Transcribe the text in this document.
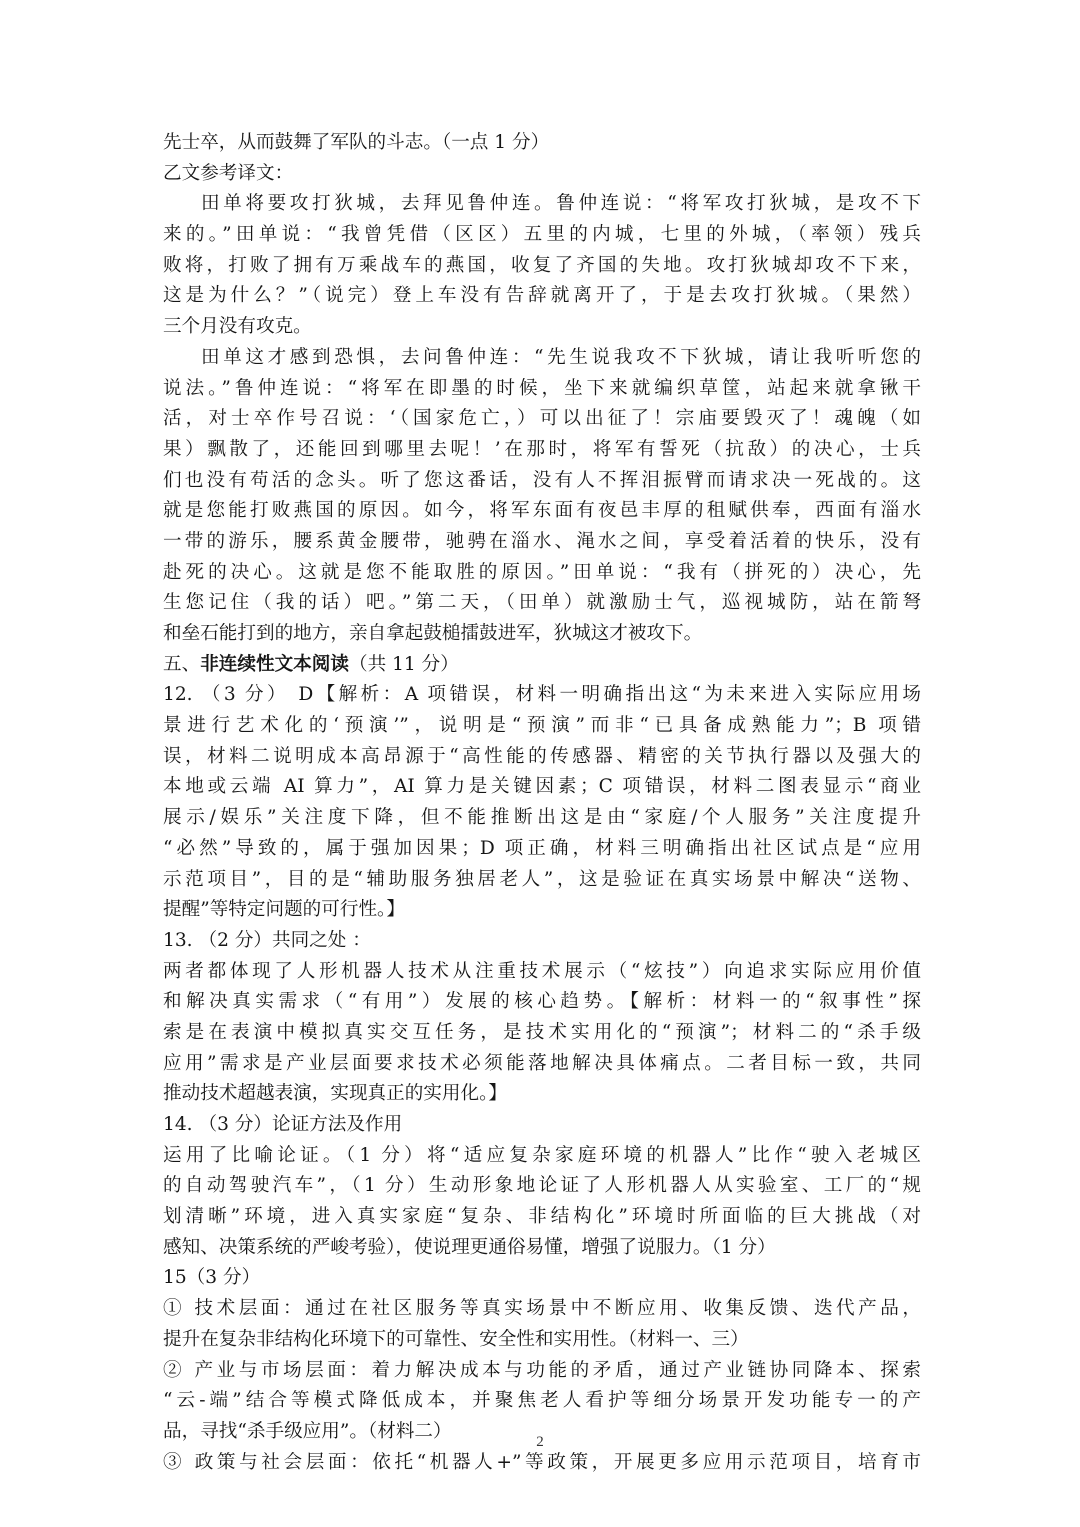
先士卒，从而鼓舞了军队的斗志。（一点 1 分）
乙文参考译文：
田单将要攻打狄城，去拜见鲁仲连。鲁仲连说：“将军攻打狄城，是攻不下
来的。”田单说：“我曾凭借（区区）五里的内城，七里的外城，（率领）残兵
败将，打败了拥有万乘战车的燕国，收复了齐国的失地。攻打狄城却攻不下来，
这是为什么？”（说完）登上车没有告辞就离开了，于是去攻打狄城。（果然）
三个月没有攻克。
田单这才感到恐惧，去问鲁仲连：“先生说我攻不下狄城，请让我听听您的
说法。”鲁仲连说：“将军在即墨的时候，坐下来就编织草筐，站起来就拿锹干
活，对士卒作号召说：‘（国家危亡，）可以出征了！宗庙要毁灭了！魂魄（如
果）飘散了，还能回到哪里去呢！’在那时，将军有誓死（抗敌）的决心，士兵
们也没有苟活的念头。听了您这番话，没有人不挥泪振臂而请求决一死战的。这
就是您能打败燕国的原因。如今，将军东面有夜邑丰厚的租赋供奉，西面有淄水
一带的游乐，腰系黄金腰带，驰骋在淄水、渑水之间，享受着活着的快乐，没有
赴死的决心。这就是您不能取胜的原因。”田单说：“我有（拼死的）决心，先
生您记住（我的话）吧。”第二天，（田单）就激励士气，巡视城防，站在箭弩
和垒石能打到的地方，亲自拿起鼓槌擂鼓进军，狄城这才被攻下。
五、非连续性文本阅读（共 11 分）
12. （3 分） D【解析：A 项错误，材料一明确指出这“为未来进入实际应用场
景进行艺术化的‘预演’”，说明是“预演”而非“已具备成熟能力”；B 项错
误，材料二说明成本高昂源于“高性能的传感器、精密的关节执行器以及强大的
本地或云端 AI 算力”，AI 算力是关键因素；C 项错误，材料二图表显示“商业
展示/娱乐”关注度下降，但不能推断出这是由“家庭/个人服务”关注度提升
“必然”导致的，属于强加因果；D 项正确，材料三明确指出社区试点是“应用
示范项目”，目的是“辅助服务独居老人”，这是验证在真实场景中解决“送物、
提醒”等特定问题的可行性。】
13. （2 分）共同之处 ：
两者都体现了人形机器人技术从注重技术展示（“炫技”）向追求实际应用价值
和解决真实需求（“有用”）发展的核心趋势。【解析：材料一的“叙事性”探
索是在表演中模拟真实交互任务，是技术实用化的“预演”；材料二的“杀手级
应用”需求是产业层面要求技术必须能落地解决具体痛点。二者目标一致，共同
推动技术超越表演，实现真正的实用化。】
14. （3 分）论证方法及作用
运用了比喻论证。（1 分）将“适应复杂家庭环境的机器人”比作“驶入老城区
的自动驾驶汽车”，（1 分）生动形象地论证了人形机器人从实验室、工厂的“规
划清晰”环境，进入真实家庭“复杂、非结构化”环境时所面临的巨大挑战（对
感知、决策系统的严峻考验），使说理更通俗易懂，增强了说服力。（1 分）
15（3 分）
① 技术层面：通过在社区服务等真实场景中不断应用、收集反馈、迭代产品，
提升在复杂非结构化环境下的可靠性、安全性和实用性。（材料一、三）
② 产业与市场层面：着力解决成本与功能的矛盾，通过产业链协同降本、探索
“云-端”结合等模式降低成本，并聚焦老人看护等细分场景开发功能专一的产
品，寻找“杀手级应用”。（材料二）
③ 政策与社会层面：依托“机器人+”等政策，开展更多应用示范项目，培育市
2
